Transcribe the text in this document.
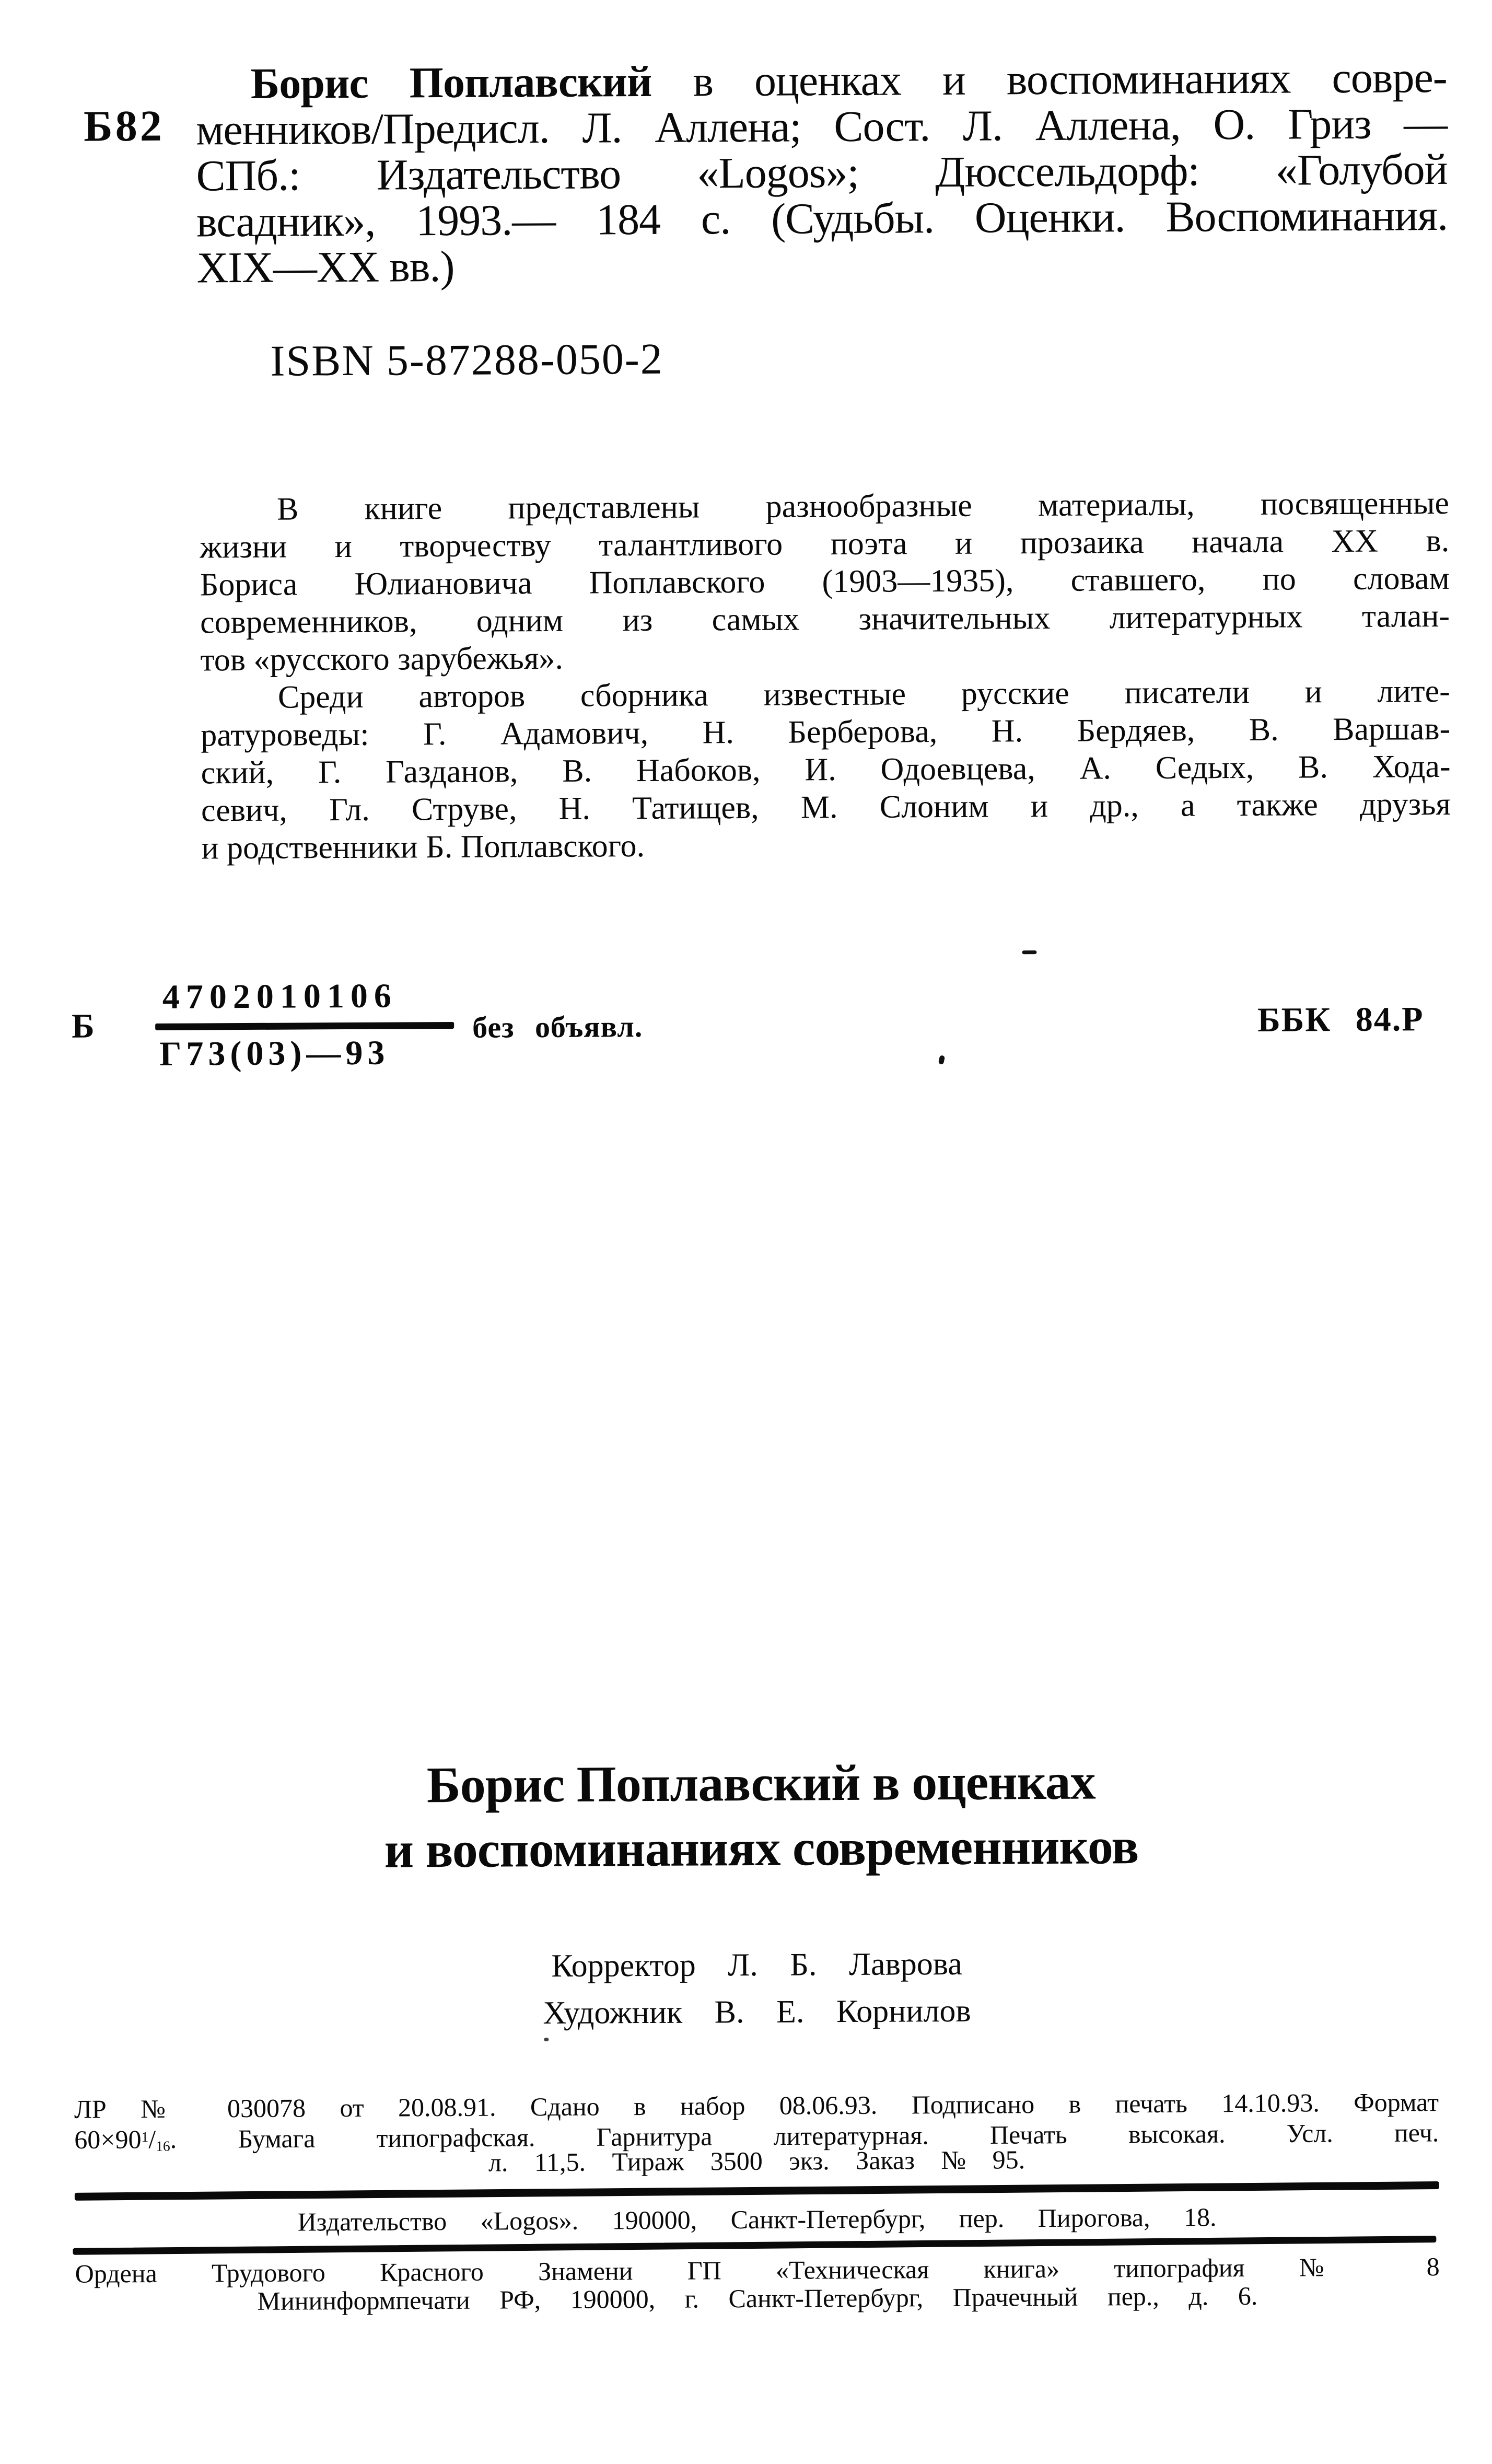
Б82
Борис Поплавский в оценках и воспоминаниях совре-
менников/Предисл. Л. Аллена; Сост. Л. Аллена, О. Гриз —
СПб.: Издательство «Logos»; Дюссельдорф: «Голубой
всадник», 1993.— 184 с. (Судьбы. Оценки. Воспоминания.
XIX—XX вв.)
ISBN 5-87288-050-2
В книге представлены разнообразные материалы, посвященные
жизни и творчеству талантливого поэта и прозаика начала XX в.
Бориса Юлиановича Поплавского (1903—1935), ставшего, по словам
современников, одним из самых значительных литературных талан-
тов «русского зарубежья».
Среди авторов сборника известные русские писатели и лите-
ратуроведы: Г. Адамович, Н. Берберова, Н. Бердяев, В. Варшав-
ский, Г. Газданов, В. Набоков, И. Одоевцева, А. Седых, В. Хода-
севич, Гл. Струве, Н. Татищев, М. Слоним и др., а также друзья
и родственники Б. Поплавского.
Б
4702010106
Г73(03)—93
без объявл.	ББК 84.Р
Борис Поплавский в оценках
и воспоминаниях современников
Корректор Л. Б. Лаврова
Художник В. Е. Корнилов
ЛР № 030078 от 20.08.91. Сдано в набор 08.06.93. Подписано в печать 14.10.93. Формат
$60\times 90^1/_{16}$. Бумага типографская. Гарнитура литературная. Печать высокая. Усл. печ.
л. 11,5. Тираж 3500 экз. Заказ № 95.
Издательство «Logos». 190000, Санкт-Петербург, пер. Пирогова, 18.
Ордена Трудового Красного Знамени ГП «Техническая книга» типография № 8
Мининформпечати РФ, 190000, г. Санкт-Петербург, Прачечный пер., д. 6.
